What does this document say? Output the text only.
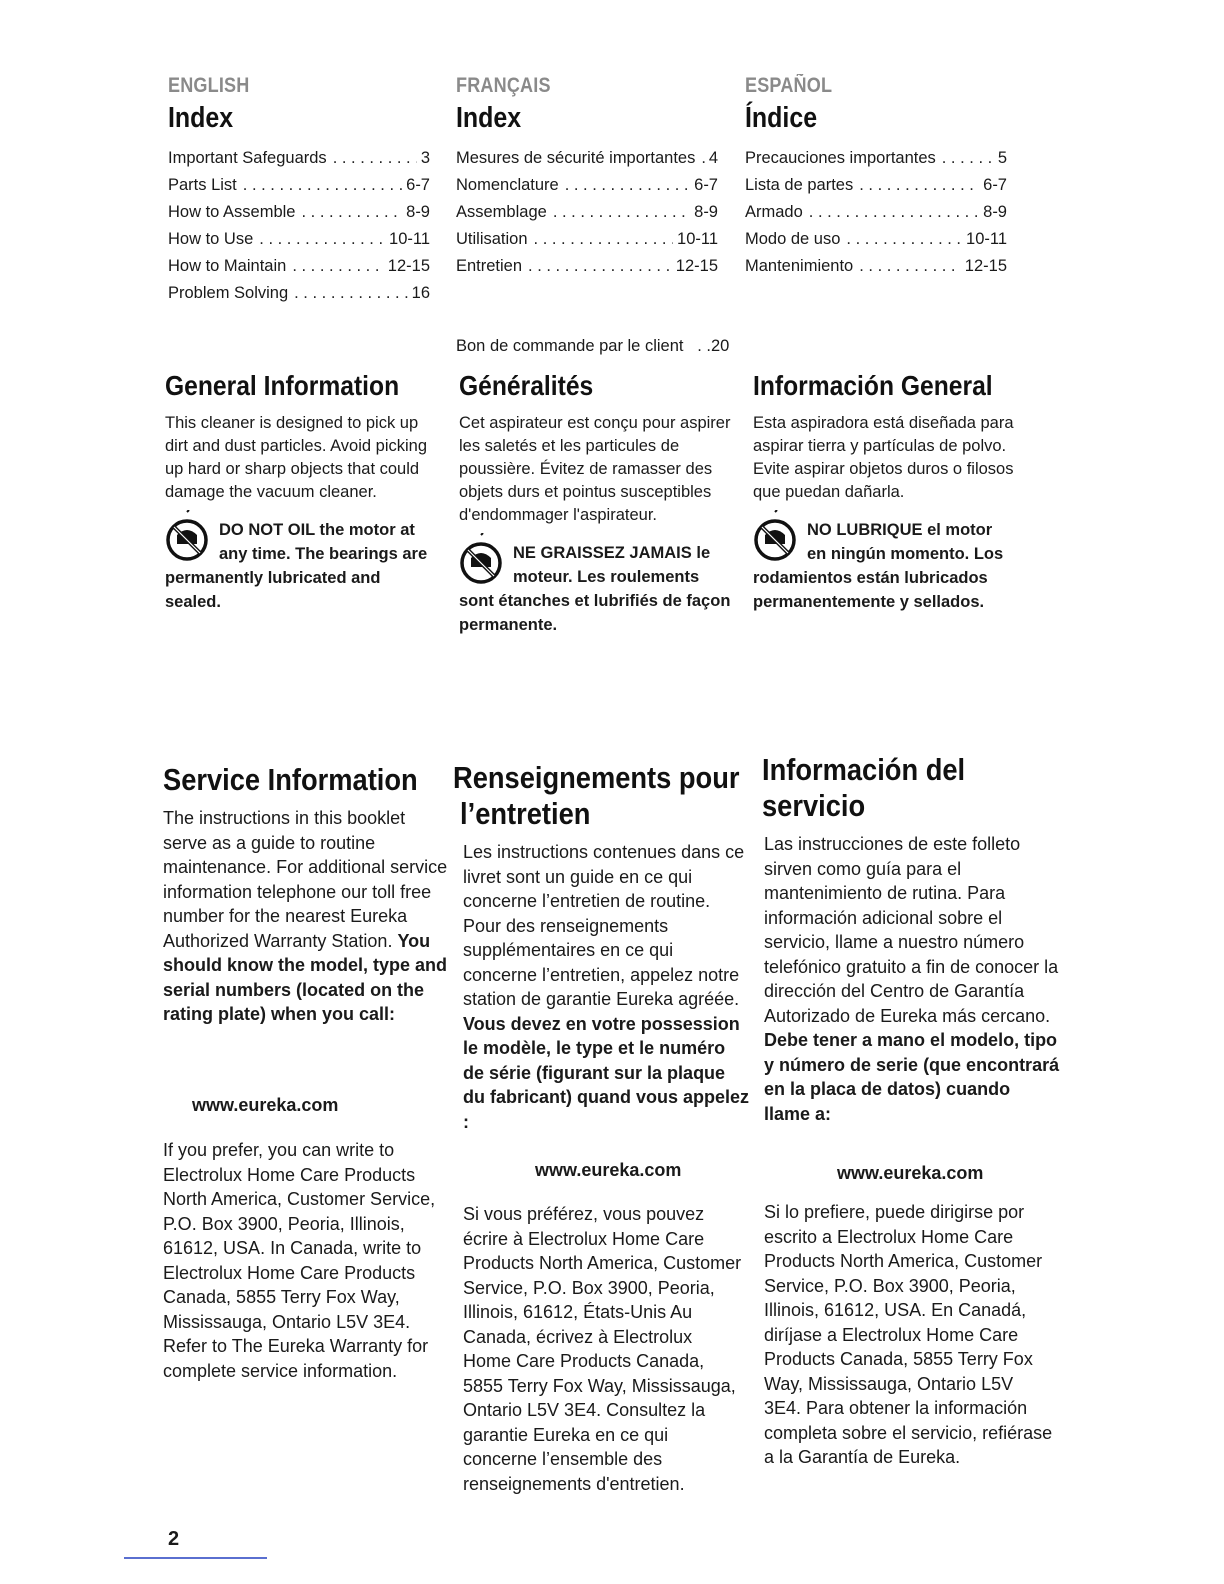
ENGLISH
Index
Important Safeguards . . .	3
Parts List . . .	6-7
How to Assemble . . .	8-9
How to Use . . .	10-11
How to Maintain . . .	12-15
Problem Solving . . .	16
FRANÇAIS
Index
Mesures de sécurité importantes . . . 4
Nomenclature . . .	6-7
Assemblage . . .	8-9
Utilisation . . .	10-11
Entretien . . .	12-15
ESPAÑOL
Índice
Precauciones importantes . . .	5
Lista de partes . . .	6-7
Armado . . .	8-9
Modo de uso . . .	10-11
Mantenimiento . . .	12-15
Bon de commande par le client   . .20
General Information
This cleaner is designed to pick up dirt and dust particles. Avoid picking up hard or sharp objects that could damage the vacuum cleaner.
DO NOT OIL the motor at any time. The bearings are permanently lubricated and sealed.
Généralités
Cet aspirateur est conçu pour aspirer les saletés et les particules de poussière. Évitez de ramasser des objets durs et pointus susceptibles d'endommager l'aspirateur.
NE GRAISSEZ JAMAIS le moteur. Les roulements sont étanches et lubrifiés de façon permanente.
Información General
Esta aspiradora está diseñada para aspirar tierra y partículas de polvo. Evite aspirar objetos duros o filosos que puedan dañarla.
NO LUBRIQUE el motor en ningún momento. Los rodamientos están lubricados permanentemente y sellados.
Service Information
The instructions in this booklet serve as a guide to routine maintenance. For additional service information telephone our toll free number for the nearest Eureka Authorized Warranty Station. You should know the model, type and serial numbers (located on the rating plate) when you call:
www.eureka.com
If you prefer, you can write to Electrolux Home Care Products North America, Customer Service, P.O. Box 3900, Peoria, Illinois, 61612, USA. In Canada, write to Electrolux Home Care Products Canada, 5855 Terry Fox Way, Mississauga, Ontario L5V 3E4. Refer to The Eureka Warranty for complete service information.
Renseignements pour
l’entretien
Les instructions contenues dans ce livret sont un guide en ce qui concerne l’entretien de routine. Pour des renseignements supplémentaires en ce qui concerne l’entretien, appelez notre station de garantie Eureka agréée. Vous devez en votre possession le modèle, le type et le numéro de série (figurant sur la plaque du fabricant) quand vous appelez :
www.eureka.com
Si vous préférez, vous pouvez écrire à Electrolux Home Care Products North America, Customer Service, P.O. Box 3900, Peoria, Illinois, 61612, États-Unis Au Canada, écrivez à Electrolux Home Care Products Canada, 5855 Terry Fox Way, Mississauga, Ontario L5V 3E4. Consultez la garantie Eureka en ce qui concerne l’ensemble des renseignements d'entretien.
Información del
servicio
Las instrucciones de este folleto sirven como guía para el mantenimiento de rutina. Para información adicional sobre el servicio, llame a nuestro número telefónico gratuito a fin de conocer la dirección del Centro de Garantía Autorizado de Eureka más cercano. Debe tener a mano el modelo, tipo y número de serie (que encontrará en la placa de datos) cuando llame a:
www.eureka.com
Si lo prefiere, puede dirigirse por escrito a Electrolux Home Care Products North America, Customer Service, P.O. Box 3900, Peoria, Illinois, 61612, USA. En Canadá, diríjase a Electrolux Home Care Products Canada, 5855 Terry Fox Way, Mississauga, Ontario L5V 3E4. Para obtener la información completa sobre el servicio, refiérase a la Garantía de Eureka.
2
